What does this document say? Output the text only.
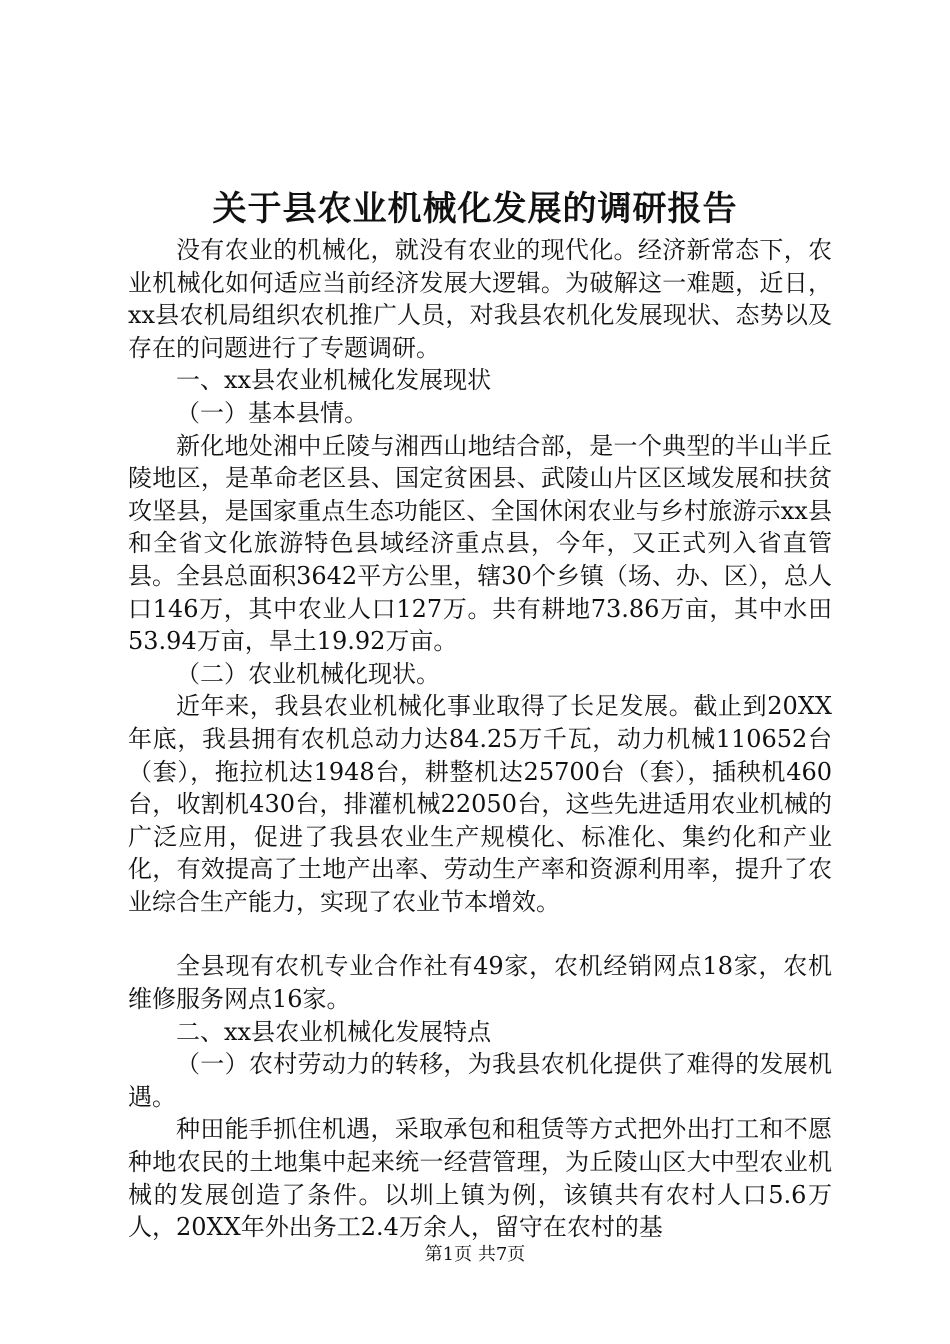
关于县农业机械化发展的调研报告

没有农业的机械化，就没有农业的现代化。经济新常态下，农业机械化如何适应当前经济发展大逻辑。为破解这一难题，近日，xx县农机局组织农机推广人员，对我县农机化发展现状、态势以及存在的问题进行了专题调研。

一、xx县农业机械化发展现状

（一）基本县情。

新化地处湘中丘陵与湘西山地结合部，是一个典型的半山半丘陵地区，是革命老区县、国定贫困县、武陵山片区区域发展和扶贫攻坚县，是国家重点生态功能区、全国休闲农业与乡村旅游示xx县和全省文化旅游特色县域经济重点县，今年，又正式列入省直管县。全县总面积3642平方公里，辖30个乡镇（场、办、区），总人口146万，其中农业人口127万。共有耕地73.86万亩，其中水田53.94万亩，旱土19.92万亩。

（二）农业机械化现状。

近年来，我县农业机械化事业取得了长足发展。截止到20XX年底，我县拥有农机总动力达84.25万千瓦，动力机械110652台（套），拖拉机达1948台，耕整机达25700台（套），插秧机460台，收割机430台，排灌机械22050台，这些先进适用农业机械的广泛应用，促进了我县农业生产规模化、标准化、集约化和产业化，有效提高了土地产出率、劳动生产率和资源利用率，提升了农业综合生产能力，实现了农业节本增效。

全县现有农机专业合作社有49家，农机经销网点18家，农机维修服务网点16家。

二、xx县农业机械化发展特点

（一）农村劳动力的转移，为我县农机化提供了难得的发展机遇。

种田能手抓住机遇，采取承包和租赁等方式把外出打工和不愿种地农民的土地集中起来统一经营管理，为丘陵山区大中型农业机械的发展创造了条件。以圳上镇为例，该镇共有农村人口5.6万人，20XX年外出务工2.4万余人，留守在农村的基

第1页 共7页
